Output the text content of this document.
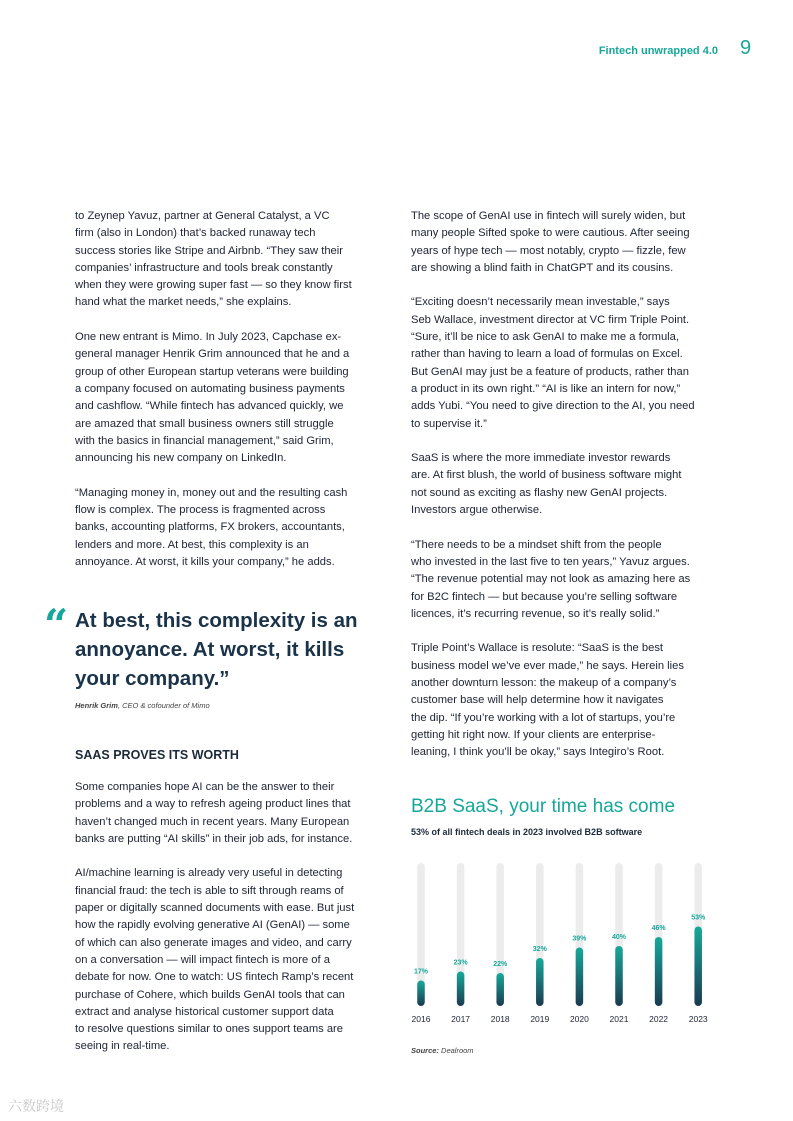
Fintech unwrapped 4.0 9

to Zeynep Yavuz, partner at General Catalyst, a VC
firm (also in London) that’s backed runaway tech
success stories like Stripe and Airbnb. “They saw their
companies’ infrastructure and tools break constantly
when they were growing super fast — so they know first
hand what the market needs,” she explains.

One new entrant is Mimo. In July 2023, Capchase ex-
general manager Henrik Grim announced that he and a
group of other European startup veterans were building
a company focused on automating business payments
and cashflow. “While fintech has advanced quickly, we
are amazed that small business owners still struggle
with the basics in financial management,” said Grim,
announcing his new company on LinkedIn.

“Managing money in, money out and the resulting cash
flow is complex. The process is fragmented across
banks, accounting platforms, FX brokers, accountants,
lenders and more. At best, this complexity is an
annoyance. At worst, it kills your company,” he adds.

“ At best, this complexity is an
annoyance. At worst, it kills
your company.”
Henrik Grim, CEO & cofounder of Mimo
SAAS PROVES ITS WORTH

Some companies hope AI can be the answer to their
problems and a way to refresh ageing product lines that
haven’t changed much in recent years. Many European
banks are putting “AI skills” in their job ads, for instance.

AI/machine learning is already very useful in detecting
financial fraud: the tech is able to sift through reams of
paper or digitally scanned documents with ease. But just
how the rapidly evolving generative AI (GenAI) — some
of which can also generate images and video, and carry
on a conversation — will impact fintech is more of a
debate for now. One to watch: US fintech Ramp’s recent
purchase of Cohere, which builds GenAI tools that can
extract and analyse historical customer support data
to resolve questions similar to ones support teams are
seeing in real-time.

The scope of GenAI use in fintech will surely widen, but
many people Sifted spoke to were cautious. After seeing
years of hype tech — most notably, crypto — fizzle, few
are showing a blind faith in ChatGPT and its cousins.

“Exciting doesn’t necessarily mean investable,” says
Seb Wallace, investment director at VC firm Triple Point.
“Sure, it’ll be nice to ask GenAI to make me a formula,
rather than having to learn a load of formulas on Excel.
But GenAI may just be a feature of products, rather than
a product in its own right.” “AI is like an intern for now,”
adds Yubi. “You need to give direction to the AI, you need
to supervise it.”

SaaS is where the more immediate investor rewards
are. At first blush, the world of business software might
not sound as exciting as flashy new GenAI projects.
Investors argue otherwise.

“There needs to be a mindset shift from the people
who invested in the last five to ten years,” Yavuz argues.
“The revenue potential may not look as amazing here as
for B2C fintech — but because you’re selling software
licences, it’s recurring revenue, so it’s really solid.”

Triple Point’s Wallace is resolute: “SaaS is the best
business model we’ve ever made,” he says. Herein lies
another downturn lesson: the makeup of a company’s
customer base will help determine how it navigates
the dip. “If you’re working with a lot of startups, you’re
getting hit right now. If your clients are enterprise-
leaning, I think you’ll be okay,” says Integiro’s Root.

B2B SaaS, your time has come
53% of all fintech deals in 2023 involved B2B software
17%
2016
23%
2017
22%
2018
32%
2019
39%
2020
40%
2021
46%
2022
53%
2023
Source: Dealroom
六数跨境
